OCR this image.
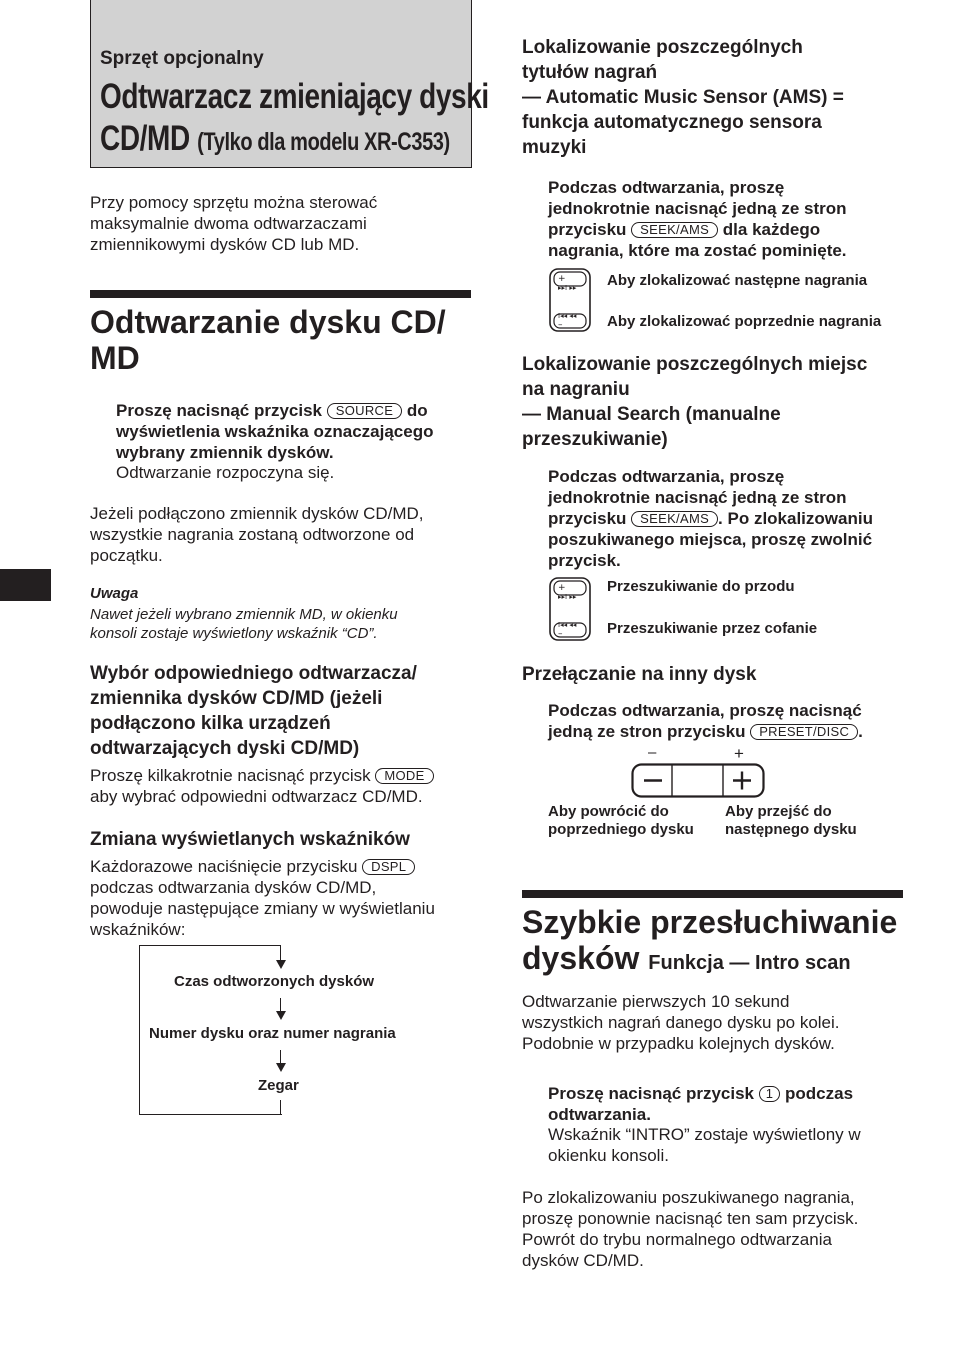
Sprzęt opcjonalny
Odtwarzacz zmieniający dyski
CD/MD (Tylko dla modelu XR-C353)
Przy pomocy sprzętu można sterować
maksymalnie dwoma odtwarzaczami
zmiennikowymi dysków CD lub MD.
Odtwarzanie dysku CD/
MD
Proszę nacisnąć przycisk SOURCE do
wyświetlenia wskaźnika oznaczającego
wybrany zmiennik dysków.
Odtwarzanie rozpoczyna się.
Jeżeli podłączono zmiennik dysków CD/MD,
wszystkie nagrania zostaną odtworzone od
początku.
Uwaga
Nawet jeżeli wybrano zmiennik MD, w okienku
konsoli zostaje wyświetlony wskaźnik “CD”.
Wybór odpowiedniego odtwarzacza/
zmiennika dysków CD/MD (jeżeli
podłączono kilka urządzeń
odtwarzających dyski CD/MD)
Proszę kilkakrotnie nacisnąć przycisk MODE
aby wybrać odpowiedni odtwarzacz CD/MD.
Zmiana wyświetlanych wskaźników
Każdorazowe naciśnięcie przycisku DSPL
podczas odtwarzania dysków CD/MD,
powoduje następujące zmiany w wyświetlaniu
wskaźników:
Czas odtworzonych dysków
Numer dysku oraz numer nagrania
Zegar
Lokalizowanie poszczególnych
tytułów nagrań
— Automatic Music Sensor (AMS) =
funkcja automatycznego sensora
muzyki
Podczas odtwarzania, proszę
jednokrotnie nacisnąć jedną ze stron
przycisku SEEK/AMS dla każdego
nagrania, które ma zostać pominięte.
+
▸▸I ▸▸
I◂◂ ◂◂
–
Aby zlokalizować następne nagrania
Aby zlokalizować poprzednie nagrania
Lokalizowanie poszczególnych miejsc
na nagraniu
— Manual Search (manualne
przeszukiwanie)
Podczas odtwarzania, proszę
jednokrotnie nacisnąć jedną ze stron
przycisku SEEK/AMS . Po zlokalizowaniu
poszukiwanego miejsca, proszę zwolnić
przycisk.
+
▸▸I ▸▸
I◂◂ ◂◂
–
Przeszukiwanie do przodu
Przeszukiwanie przez cofanie
Przełączanie na inny dysk
Podczas odtwarzania, proszę nacisnąć
jedną ze stron przycisku PRESET/DISC .
–	+
Aby powrócić do
poprzedniego dysku
Aby przejść do
następnego dysku
Szybkie przesłuchiwanie
dysków Funkcja — Intro scan
Odtwarzanie pierwszych 10 sekund
wszystkich nagrań danego dysku po kolei.
Podobnie w przypadku kolejnych dysków.
Proszę nacisnąć przycisk 1 podczas
odtwarzania.
Wskaźnik “INTRO” zostaje wyświetlony w
okienku konsoli.
Po zlokalizowaniu poszukiwanego nagrania,
proszę ponownie nacisnąć ten sam przycisk.
Powrót do trybu normalnego odtwarzania
dysków CD/MD.
